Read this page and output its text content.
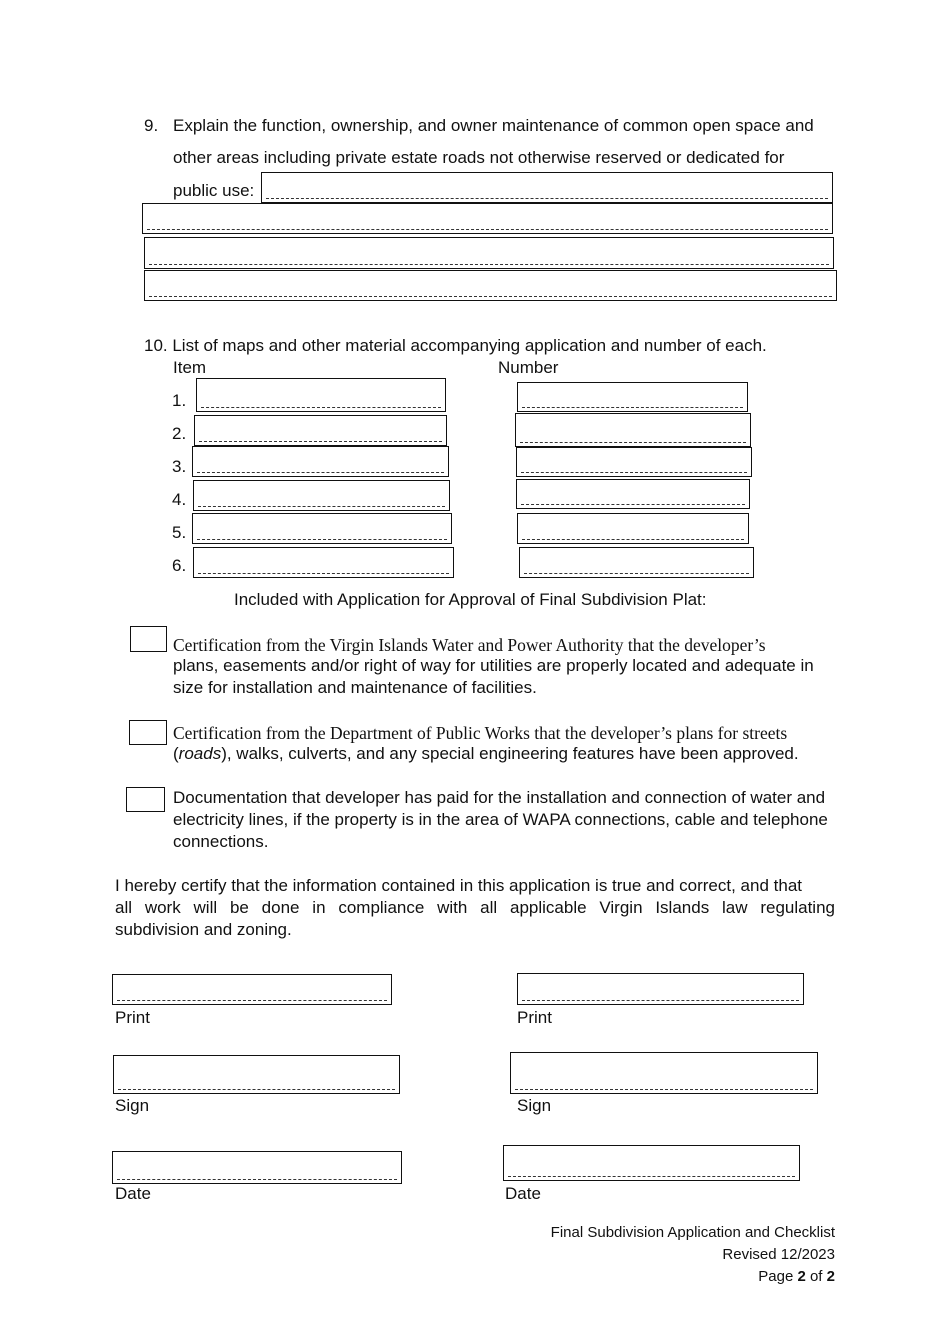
9. Explain the function, ownership, and owner maintenance of common open space and
other areas including private estate roads not otherwise reserved or dedicated for
public use:
10. List of maps and other material accompanying application and number of each.
Item	Number
1.
2.
3.
4.
5.
6.
Included with Application for Approval of Final Subdivision Plat:
Certification from the Virgin Islands Water and Power Authority that the developer’s
plans, easements and/or right of way for utilities are properly located and adequate in
size for installation and maintenance of facilities.
Certification from the Department of Public Works that the developer’s plans for streets
(roads), walks, culverts, and any special engineering features have been approved.
Documentation that developer has paid for the installation and connection of water and
electricity lines, if the property is in the area of WAPA connections, cable and telephone
connections.
I hereby certify that the information contained in this application is true and correct, and that
all work will be done in compliance with all applicable Virgin Islands law regulating
subdivision and zoning.
Print	Print
Sign	Sign
Date	Date
Final Subdivision Application and Checklist
Revised 12/2023
Page 2 of 2
